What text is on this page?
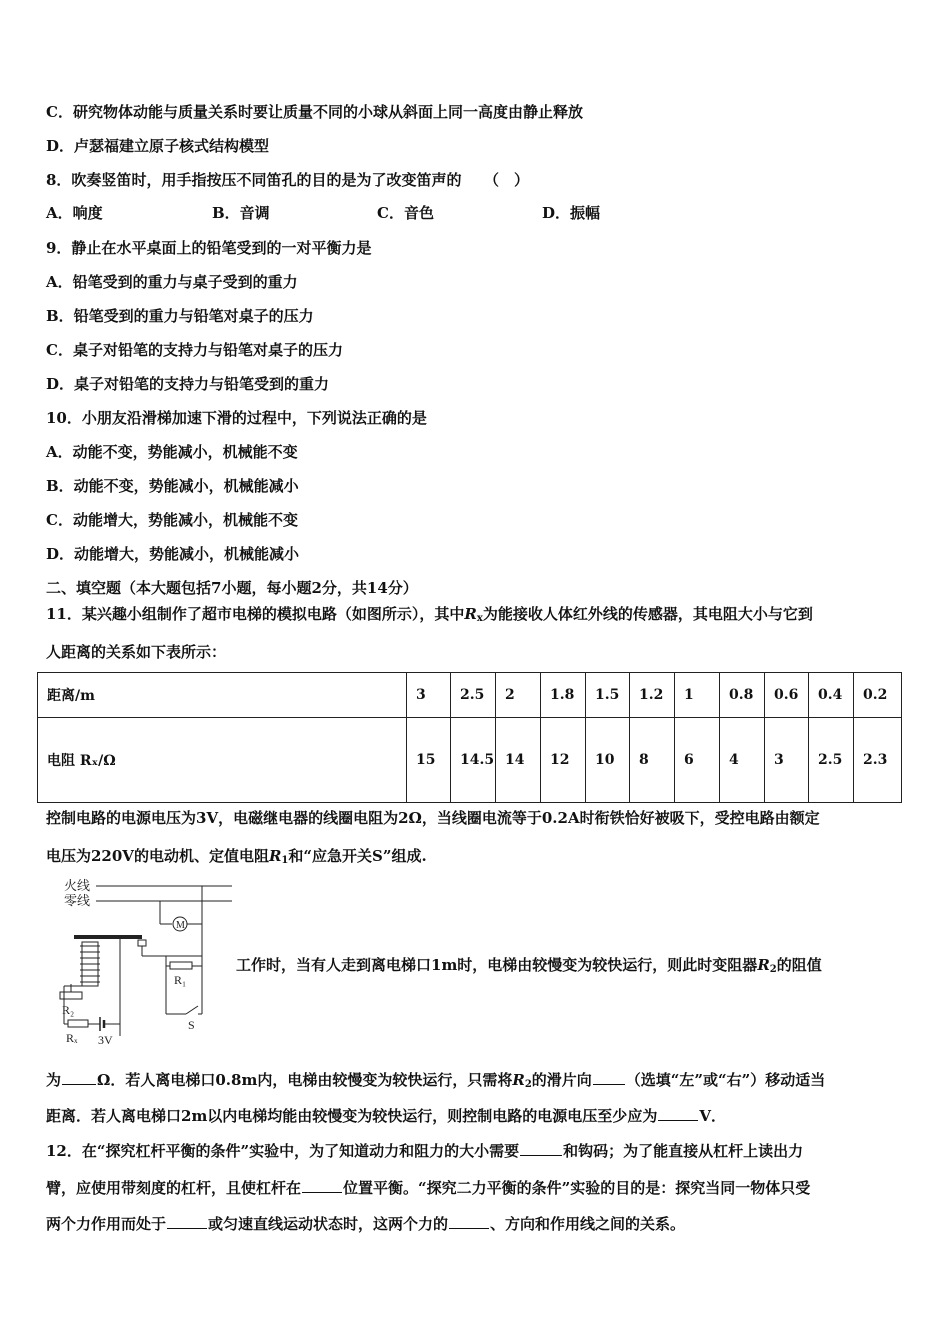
C．研究物体动能与质量关系时要让质量不同的小球从斜面上同一高度由静止释放
D．卢瑟福建立原子核式结构模型
8．吹奏竖笛时，用手指按压不同笛孔的目的是为了改变笛声的　　（　）
A．响度	B．音调	C．音色	D．振幅
9．静止在水平桌面上的铅笔受到的一对平衡力是
A．铅笔受到的重力与桌子受到的重力
B．铅笔受到的重力与铅笔对桌子的压力
C．桌子对铅笔的支持力与铅笔对桌子的压力
D．桌子对铅笔的支持力与铅笔受到的重力
10．小朋友沿滑梯加速下滑的过程中，下列说法正确的是
A．动能不变，势能减小，机械能不变
B．动能不变，势能减小，机械能减小
C．动能增大，势能减小，机械能不变
D．动能增大，势能减小，机械能减小
二、填空题（本大题包括7小题，每小题2分，共14分）
11．某兴趣小组制作了超市电梯的模拟电路（如图所示），其中$R_x$为能接收人体红外线的传感器，其电阻大小与它到
人距离的关系如下表所示：
距离/m	3	2.5	2	1.8	1.5	1.2	1	0.8	0.6	0.4	0.2
电阻 Rₓ/Ω	15	14.5	14	12	10	8	6	4	3	2.5	2.3
控制电路的电源电压为3V，电磁继电器的线圈电阻为2Ω，当线圈电流等于0.2A时衔铁恰好被吸下，受控电路由额定
电压为220V的电动机、定值电阻$R_1$和“应急开关S”组成.
火线
零线
M
R₁
S
R₂
Rₓ 3V
工作时，当有人走到离电梯口1m时，电梯由较慢变为较快运行，则此时变阻器$R_2$的阻值
为 Ω．若人离电梯口0.8m内，电梯由较慢变为较快运行，只需将$R_2$的滑片向 （选填“左”或“右”）移动适当
距离．若人离电梯口2m以内电梯均能由较慢变为较快运行，则控制电路的电源电压至少应为	V．
12．在“探究杠杆平衡的条件”实验中，为了知道动力和阻力的大小需要	和钩码；为了能直接从杠杆上读出力
臂，应使用带刻度的杠杆，且使杠杆在	位置平衡。“探究二力平衡的条件”实验的目的是：探究当同一物体只受
两个力作用而处于	或匀速直线运动状态时，这两个力的	、方向和作用线之间的关系。
